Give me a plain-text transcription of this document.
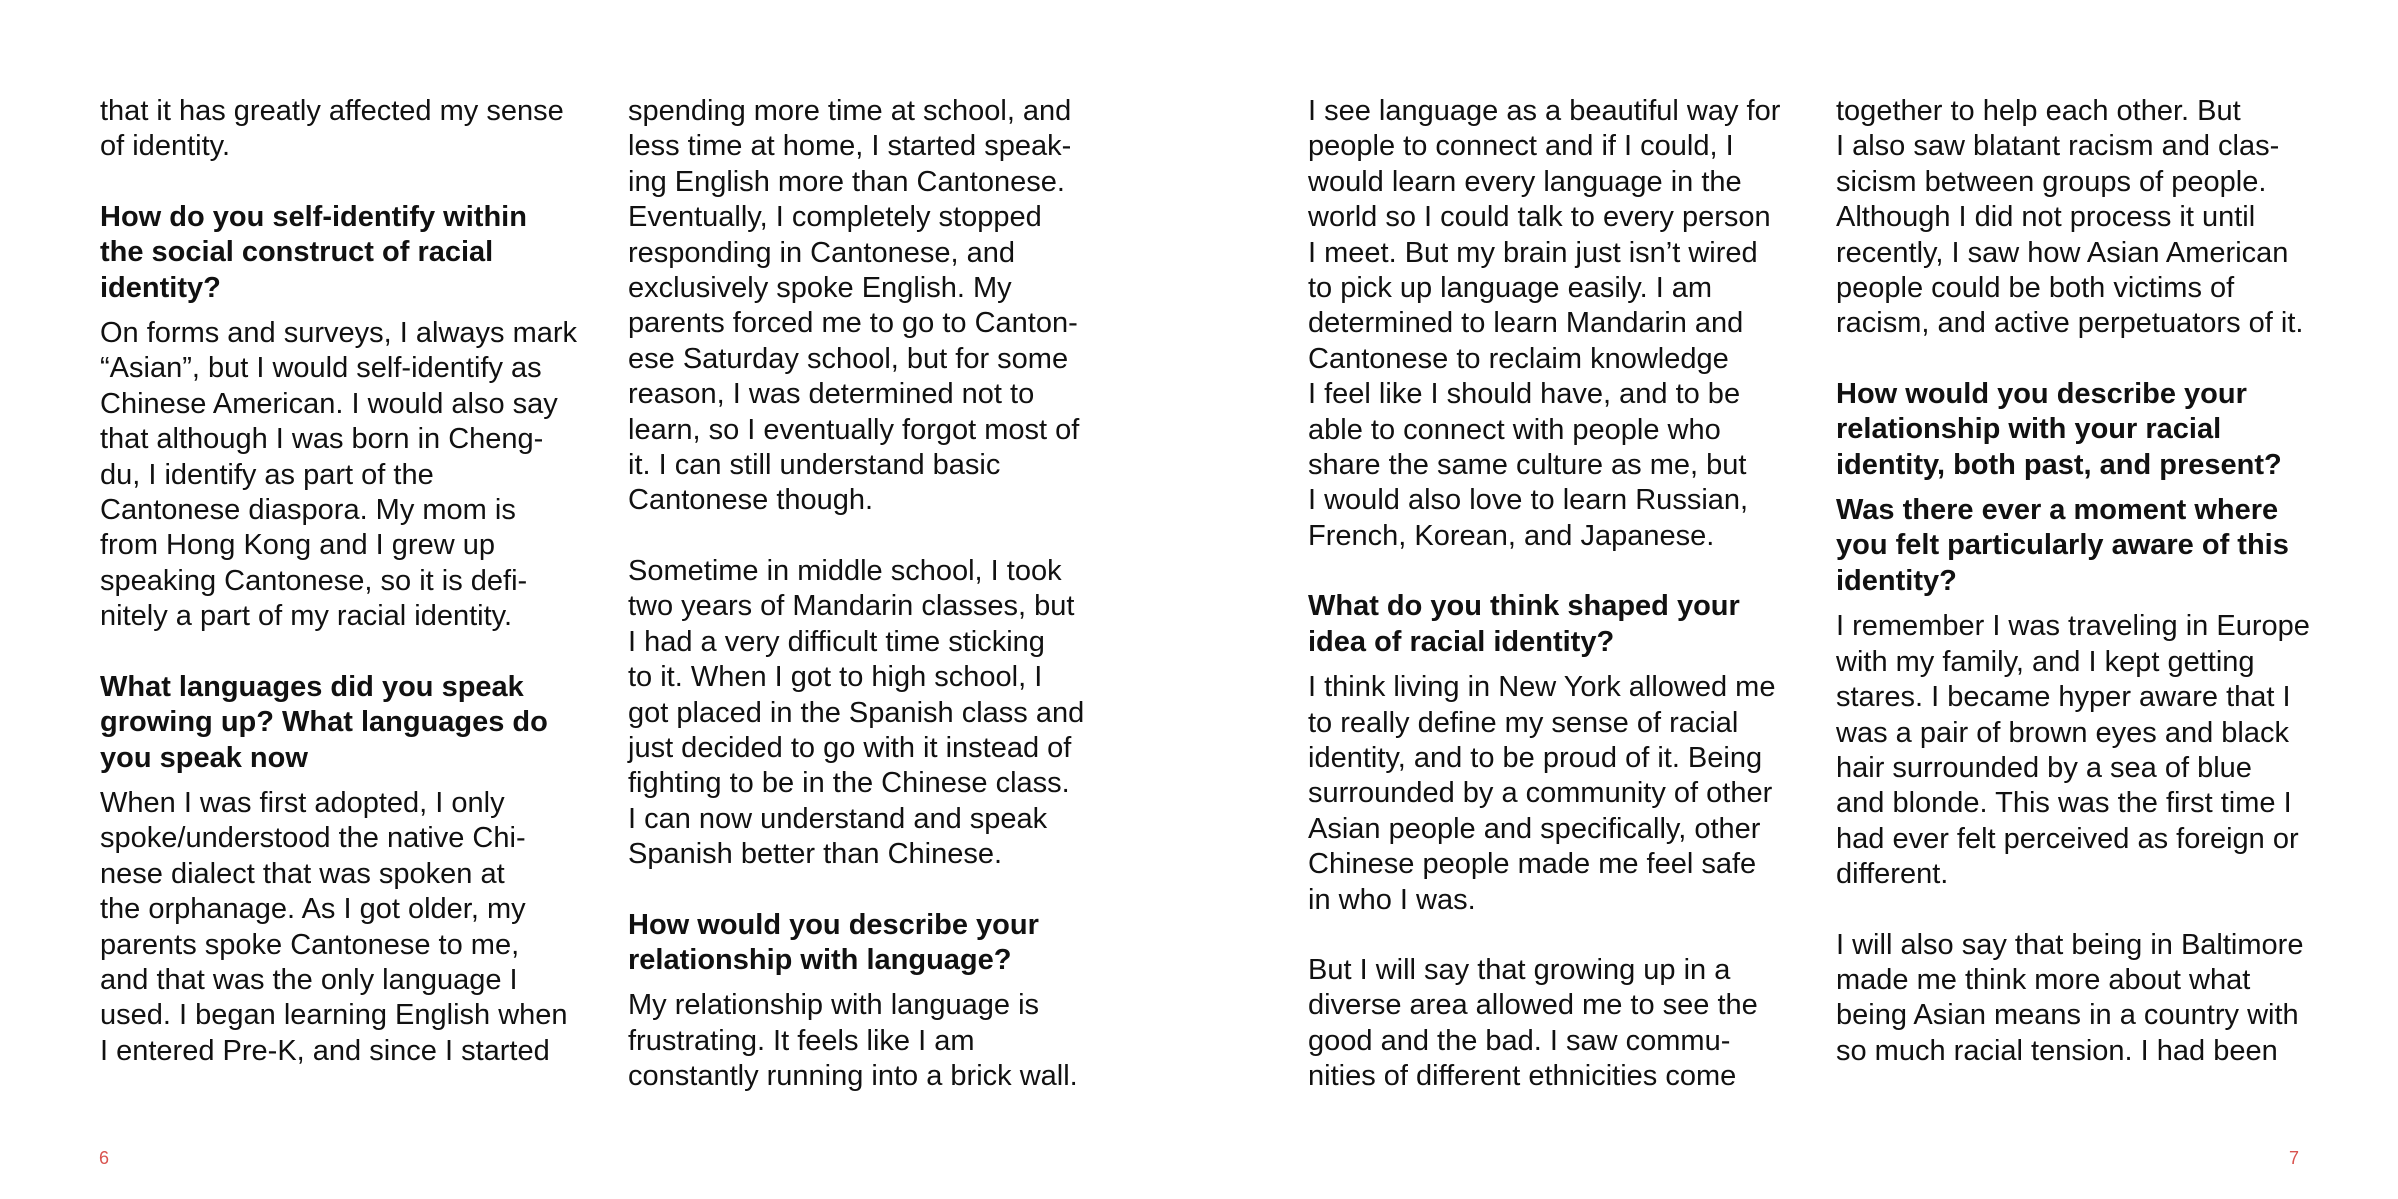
that it has greatly affected my sense
of identity.

How do you self-identify within
the social construct of racial
identity?

On forms and surveys, I always mark
“Asian”, but I would self-identify as
Chinese American. I would also say
that although I was born in Cheng-
du, I identify as part of the
Cantonese diaspora. My mom is
from Hong Kong and I grew up
speaking Cantonese, so it is defi-
nitely a part of my racial identity.

What languages did you speak
growing up? What languages do
you speak now

When I was first adopted, I only
spoke/understood the native Chi-
nese dialect that was spoken at
the orphanage. As I got older, my
parents spoke Cantonese to me,
and that was the only language I
used. I began learning English when
I entered Pre-K, and since I started

spending more time at school, and
less time at home, I started speak-
ing English more than Cantonese.
Eventually, I completely stopped
responding in Cantonese, and
exclusively spoke English. My
parents forced me to go to Canton-
ese Saturday school, but for some
reason, I was determined not to
learn, so I eventually forgot most of
it. I can still understand basic
Cantonese though.

Sometime in middle school, I took
two years of Mandarin classes, but
I had a very difficult time sticking
to it. When I got to high school, I
got placed in the Spanish class and
just decided to go with it instead of
fighting to be in the Chinese class.
I can now understand and speak
Spanish better than Chinese.

How would you describe your
relationship with language?

My relationship with language is
frustrating. It feels like I am
constantly running into a brick wall.

I see language as a beautiful way for
people to connect and if I could, I
would learn every language in the
world so I could talk to every person
I meet. But my brain just isn’t wired
to pick up language easily. I am
determined to learn Mandarin and
Cantonese to reclaim knowledge
I feel like I should have, and to be
able to connect with people who
share the same culture as me, but
I would also love to learn Russian,
French, Korean, and Japanese.

What do you think shaped your
idea of racial identity?

I think living in New York allowed me
to really define my sense of racial
identity, and to be proud of it. Being
surrounded by a community of other
Asian people and specifically, other
Chinese people made me feel safe
in who I was.

But I will say that growing up in a
diverse area allowed me to see the
good and the bad. I saw commu-
nities of different ethnicities come

together to help each other. But
I also saw blatant racism and clas-
sicism between groups of people.
Although I did not process it until
recently, I saw how Asian American
people could be both victims of
racism, and active perpetuators of it.

How would you describe your
relationship with your racial
identity, both past, and present?

Was there ever a moment where
you felt particularly aware of this
identity?

I remember I was traveling in Europe
with my family, and I kept getting
stares. I became hyper aware that I
was a pair of brown eyes and black
hair surrounded by a sea of blue
and blonde. This was the first time I
had ever felt perceived as foreign or
different.

I will also say that being in Baltimore
made me think more about what
being Asian means in a country with
so much racial tension. I had been

6	7
